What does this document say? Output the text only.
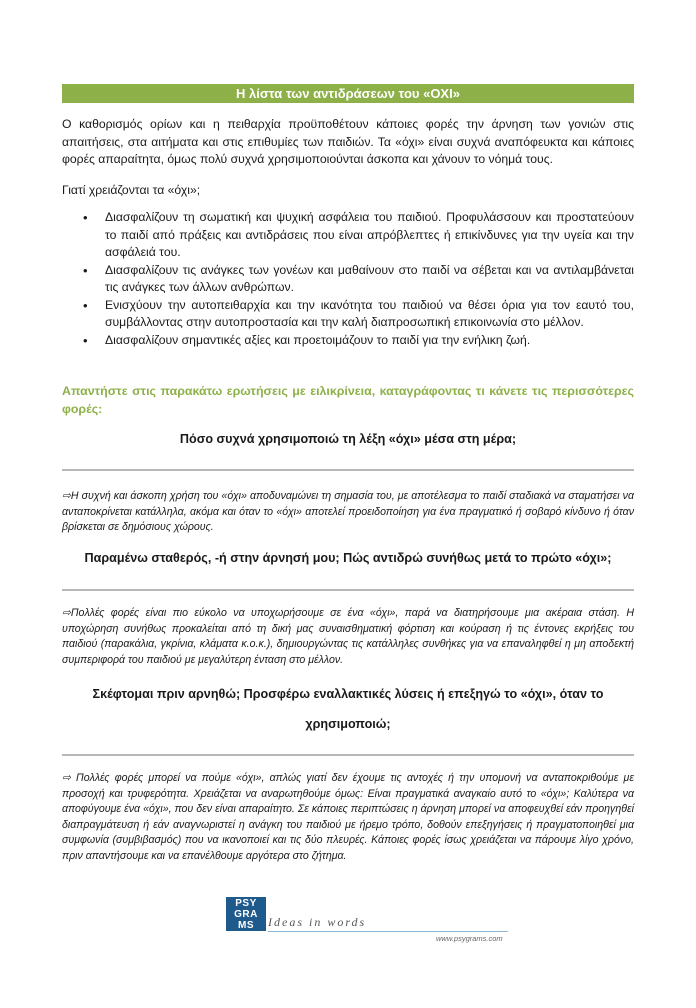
Η λίστα των αντιδράσεων του «ΟΧΙ»
Ο καθορισμός ορίων και η πειθαρχία προϋποθέτουν κάποιες φορές την άρνηση των γονιών στις απαιτήσεις, στα αιτήματα και στις επιθυμίες των παιδιών. Τα «όχι» είναι συχνά αναπόφευκτα και κάποιες φορές απαραίτητα, όμως πολύ συχνά χρησιμοποιούνται άσκοπα και χάνουν το νόημά τους.
Γιατί χρειάζονται τα «όχι»;
• Διασφαλίζουν τη σωματική και ψυχική ασφάλεια του παιδιού. Προφυλάσσουν και προστατεύουν το παιδί από πράξεις και αντιδράσεις που είναι απρόβλεπτες ή επικίνδυνες για την υγεία και την ασφάλειά του.
• Διασφαλίζουν τις ανάγκες των γονέων και μαθαίνουν στο παιδί να σέβεται και να αντιλαμβάνεται τις ανάγκες των άλλων ανθρώπων.
• Ενισχύουν την αυτοπειθαρχία και την ικανότητα του παιδιού να θέσει όρια για τον εαυτό του, συμβάλλοντας στην αυτοπροστασία και την καλή διαπροσωπική επικοινωνία στο μέλλον.
• Διασφαλίζουν σημαντικές αξίες και προετοιμάζουν το παιδί για την ενήλικη ζωή.
Απαντήστε στις παρακάτω ερωτήσεις με ειλικρίνεια, καταγράφοντας τι κάνετε τις περισσότερες φορές:
Πόσο συχνά χρησιμοποιώ τη λέξη «όχι» μέσα στη μέρα;
⇨Η συχνή και άσκοπη χρήση του «όχι» αποδυναμώνει τη σημασία του, με αποτέλεσμα το παιδί σταδιακά να σταματήσει να ανταποκρίνεται κατάλληλα, ακόμα και όταν το «όχι» αποτελεί προειδοποίηση για ένα πραγματικό ή σοβαρό κίνδυνο ή όταν βρίσκεται σε δημόσιους χώρους.
Παραμένω σταθερός, -ή στην άρνησή μου; Πώς αντιδρώ συνήθως μετά το πρώτο «όχι»;
⇨Πολλές φορές είναι πιο εύκολο να υποχωρήσουμε σε ένα «όχι», παρά να διατηρήσουμε μια ακέραια στάση. Η υποχώρηση συνήθως προκαλείται από τη δική μας συναισθηματική φόρτιση και κούραση ή τις έντονες εκρήξεις του παιδιού (παρακάλια, γκρίνια, κλάματα κ.ο.κ.), δημιουργώντας τις κατάλληλες συνθήκες για να επαναληφθεί η μη αποδεκτή συμπεριφορά του παιδιού με μεγαλύτερη ένταση στο μέλλον.
Σκέφτομαι πριν αρνηθώ; Προσφέρω εναλλακτικές λύσεις ή επεξηγώ το «όχι», όταν το
χρησιμοποιώ;
⇨ Πολλές φορές μπορεί να πούμε «όχι», απλώς γιατί δεν έχουμε τις αντοχές ή την υπομονή να ανταποκριθούμε με προσοχή και τρυφερότητα. Χρειάζεται να αναρωτηθούμε όμως: Είναι πραγματικά αναγκαίο αυτό το «όχι»; Καλύτερα να αποφύγουμε ένα «όχι», που δεν είναι απαραίτητο. Σε κάποιες περιπτώσεις η άρνηση μπορεί να αποφευχθεί εάν προηγηθεί διαπραγμάτευση ή εάν αναγνωριστεί η ανάγκη του παιδιού με ήρεμο τρόπο, δοθούν επεξηγήσεις ή πραγματοποιηθεί μια συμφωνία (συμβιβασμός) που να ικανοποιεί και τις δύο πλευρές. Κάποιες φορές ίσως χρειάζεται να πάρουμε λίγο χρόνο, πριν απαντήσουμε και να επανέλθουμε αργότερα στο ζήτημα.
PSY
GRA
MS	Ideas in words
www.psygrams.com
